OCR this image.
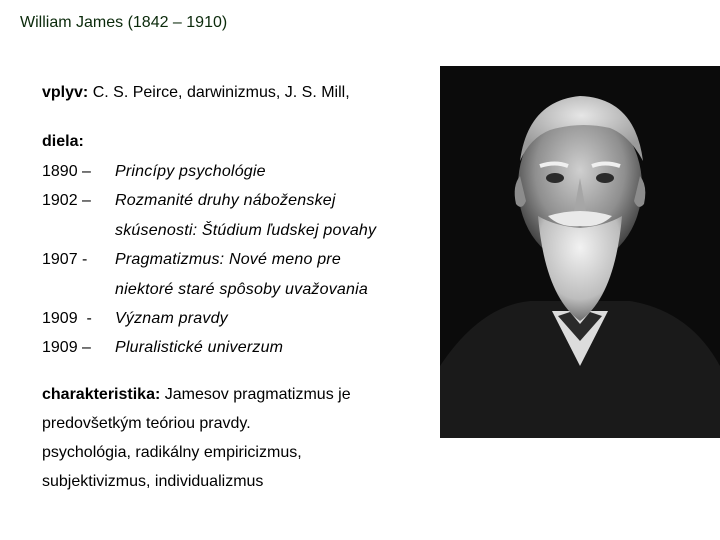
William James (1842 – 1910)
vplyv: C. S. Peirce, darwinizmus, J. S. Mill,
diela:
1890 –	Princípy psychológie
1902 –	Rozmanité druhy náboženskej
skúsenosti: Štúdium ľudskej povahy
1907 -	Pragmatizmus: Nové meno pre
niektoré staré spôsoby uvažovania
1909  -	Význam pravdy
1909 –	Pluralistické univerzum
charakteristika: Jamesov pragmatizmus je predovšetkým teóriou pravdy.
psychológia, radikálny empiricizmus, subjektivizmus, individualizmus
